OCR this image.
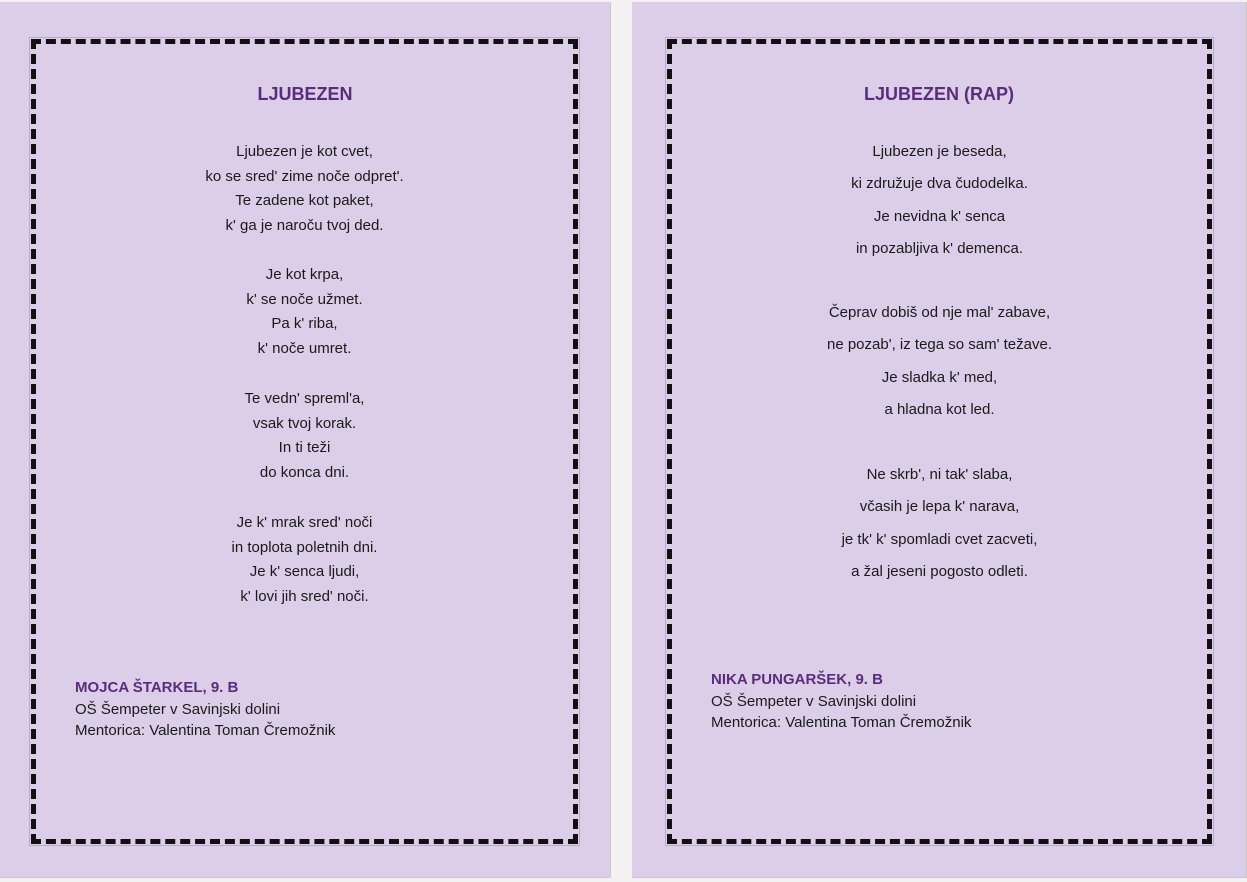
LJUBEZEN
Ljubezen je kot cvet,
ko se sred' zime noče odpret'.
Te zadene kot paket,
k' ga je naroču tvoj ded.
Je kot krpa,
k' se noče užmet.
Pa k' riba,
k' noče umret.
Te vedn' spreml'a,
vsak tvoj korak.
In ti teži
do konca dni.
Je k' mrak sred' noči
in toplota poletnih dni.
Je k' senca ljudi,
k' lovi jih sred' noči.
MOJCA ŠTARKEL, 9. B
OŠ Šempeter v Savinjski dolini
Mentorica: Valentina Toman Čremožnik
LJUBEZEN (RAP)
Ljubezen je beseda,
ki združuje dva čudodelka.
Je nevidna k' senca
in pozabljiva k' demenca.
Čeprav dobiš od nje mal' zabave,
ne pozab', iz tega so sam' težave.
Je sladka k' med,
a hladna kot led.
Ne skrb', ni tak' slaba,
včasih je lepa k' narava,
je tk' k' spomladi cvet zacveti,
a žal jeseni pogosto odleti.
NIKA PUNGARŠEK, 9. B
OŠ Šempeter v Savinjski dolini
Mentorica: Valentina Toman Čremožnik
